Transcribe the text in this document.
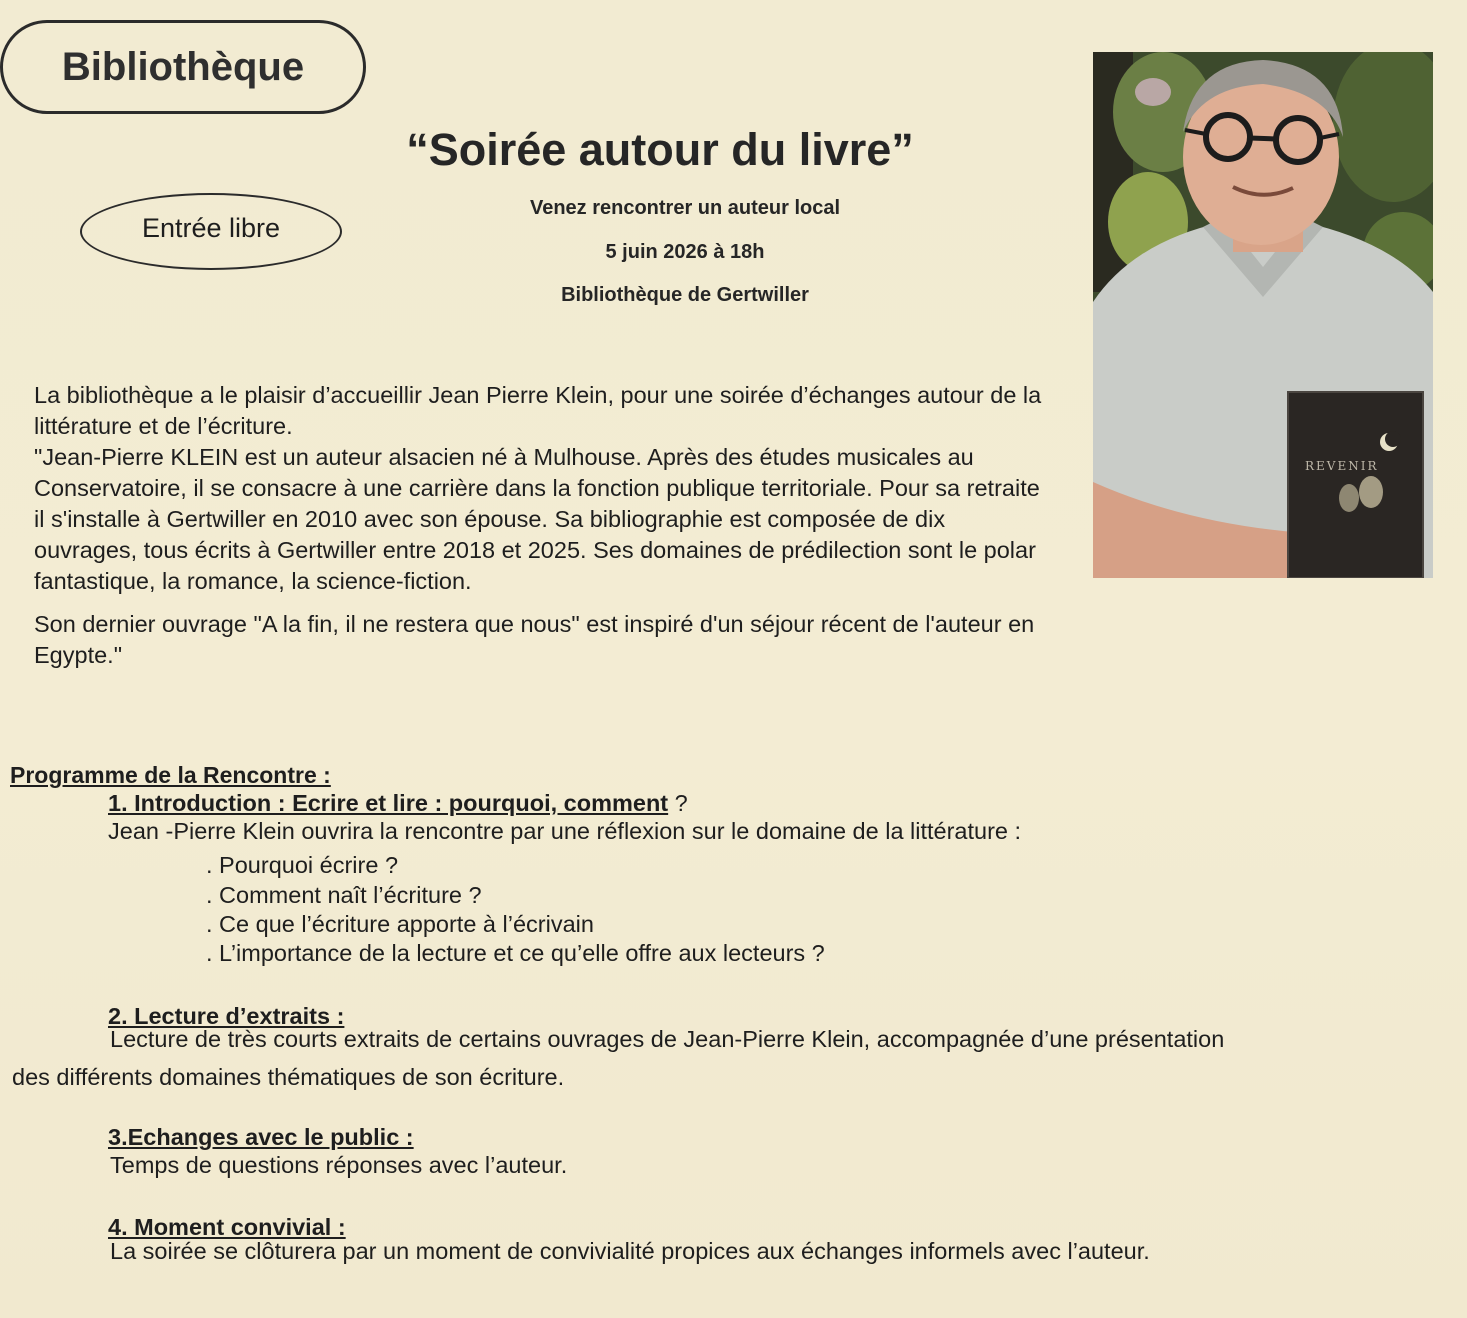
Bibliothèque
“Soirée autour du livre”
Entrée libre
Venez rencontrer un auteur local
5 juin 2026 à 18h
Bibliothèque de Gertwiller
REVENIR

La bibliothèque a le plaisir d’accueillir Jean Pierre Klein, pour une soirée d’échanges autour de la littérature et de l’écriture.

"Jean-Pierre KLEIN est un auteur alsacien né à Mulhouse. Après des études musicales au Conservatoire, il se consacre à une carrière dans la fonction publique territoriale. Pour sa retraite il s'installe à Gertwiller en 2010 avec son épouse. Sa bibliographie est composée de dix ouvrages, tous écrits à Gertwiller entre 2018 et 2025. Ses domaines de prédilection sont le polar fantastique, la romance, la science-fiction.

Son dernier ouvrage "A la fin, il ne restera que nous" est inspiré d'un séjour récent de l'auteur en Egypte."

Programme de la Rencontre :
1. Introduction : Ecrire et lire : pourquoi, comment ?
Jean -Pierre Klein ouvrira la rencontre par une réflexion sur le domaine de la littérature :
. Pourquoi écrire ?
. Comment naît l’écriture ?
. Ce que l’écriture apporte à l’écrivain
. L’importance de la lecture et ce qu’elle offre aux lecteurs ?
2. Lecture d’extraits :
Lecture de très courts extraits de certains ouvrages de Jean-Pierre Klein, accompagnée d’une présentation
des différents domaines thématiques de son écriture.
3.Echanges avec le public :
Temps de questions réponses avec l’auteur.
4. Moment convivial :
La soirée se clôturera par un moment de convivialité propices aux échanges informels avec l’auteur.
